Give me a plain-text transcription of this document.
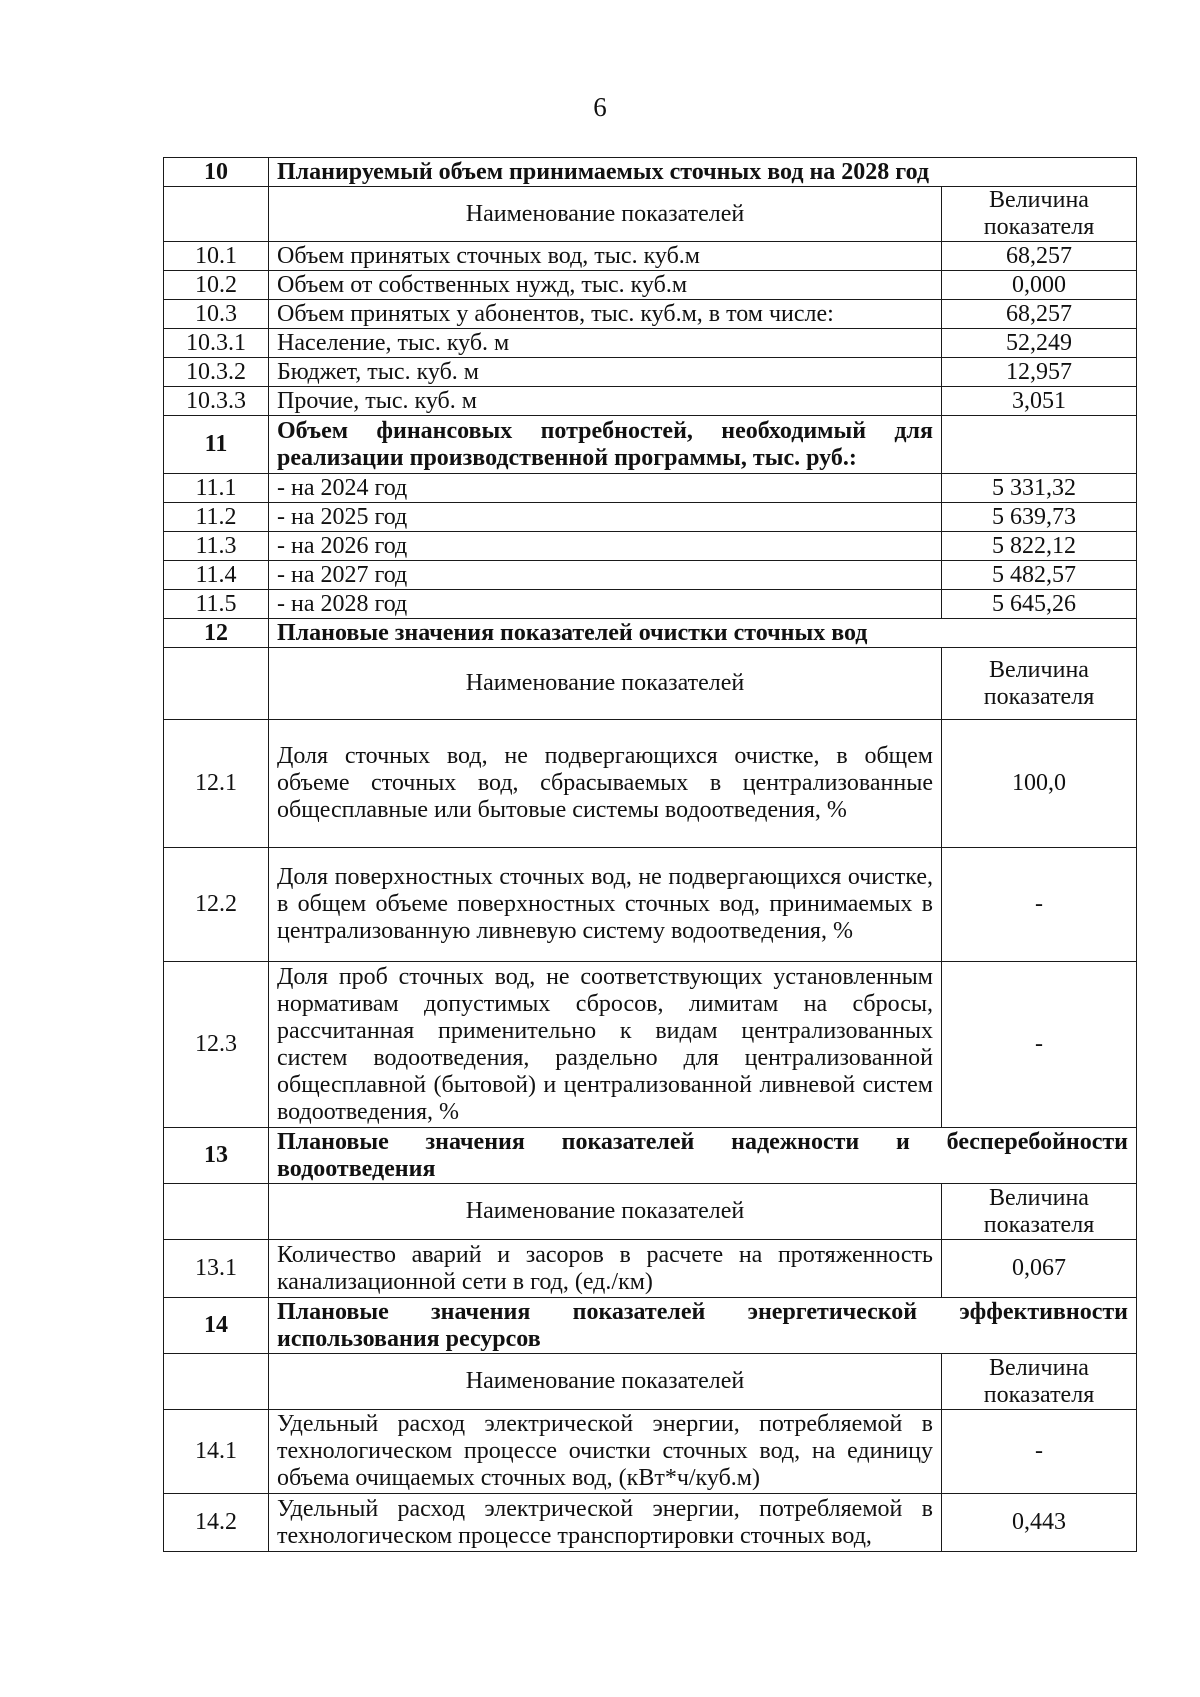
6
10	Планируемый объем принимаемых сточных вод на 2028 год	
	Наименование показателей	Величина показателя
10.1	Объем принятых сточных вод, тыс. куб.м	68,257
10.2	Объем от собственных нужд, тыс. куб.м	0,000
10.3	Объем принятых у абонентов, тыс. куб.м, в том числе:	68,257
10.3.1	Население, тыс. куб. м	52,249
10.3.2	Бюджет, тыс. куб. м	12,957
10.3.3	Прочие, тыс. куб. м	3,051
11	Объем финансовых потребностей, необходимый для реализации производственной программы, тыс. руб.:	
11.1	- на 2024 год	5 331,32
11.2	- на 2025 год	5 639,73
11.3	- на 2026 год	5 822,12
11.4	- на 2027 год	5 482,57
11.5	- на 2028 год	5 645,26
12	Плановые значения показателей очистки сточных вод	
	Наименование показателей	Величина показателя
12.1	Доля сточных вод, не подвергающихся очистке, в общем объеме сточных вод, сбрасываемых в централизованные общесплавные или бытовые системы водоотведения, %	100,0
12.2	Доля поверхностных сточных вод, не подвергающихся очистке, в общем объеме поверхностных сточных вод, принимаемых в централизованную ливневую систему водоотведения, %	-
12.3	Доля проб сточных вод, не соответствующих установленным нормативам допустимых сбросов, лимитам на сбросы, рассчитанная применительно к видам централизованных систем водоотведения, раздельно для централизованной общесплавной (бытовой) и централизованной ливневой систем водоотведения, %	-
13	Плановые значения показателей надежности и бесперебойности водоотведения	
	Наименование показателей	Величина показателя
13.1	Количество аварий и засоров в расчете на протяженность канализационной сети в год, (ед./км)	0,067
14	Плановые значения показателей энергетической эффективности использования ресурсов	
	Наименование показателей	Величина показателя
14.1	Удельный расход электрической энергии, потребляемой в технологическом процессе очистки сточных вод, на единицу объема очищаемых сточных вод, (кВт*ч/куб.м)	-
14.2	Удельный расход электрической энергии, потребляемой в технологическом процессе транспортировки сточных вод,	0,443
